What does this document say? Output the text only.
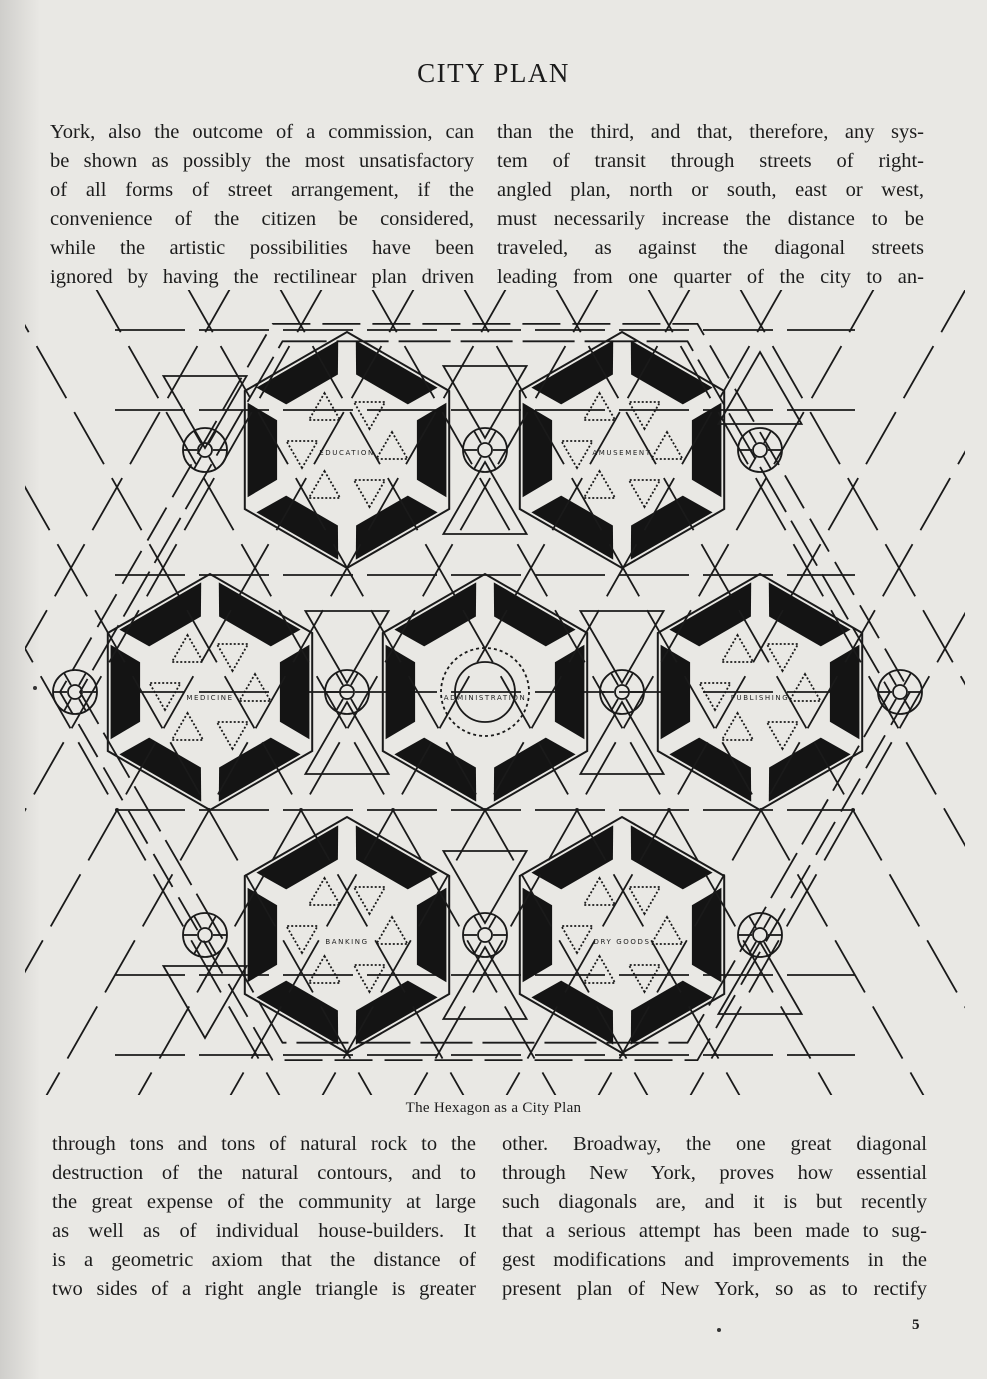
CITY PLAN
York, also the outcome of a commission, can
be shown as possibly the most unsatisfactory
of all forms of street arrangement, if the
convenience of the citizen be considered,
while the artistic possibilities have been
ignored by having the rectilinear plan driven
than the third, and that, therefore, any sys-
tem of transit through streets of right-
angled plan, north or south, east or west,
must necessarily increase the distance to be
traveled, as against the diagonal streets
leading from one quarter of the city to an-
EDUCATION	AMUSEMENT
MEDICINE	ADMINISTRATION	PUBLISHING
BANKING	DRY GOODS
The Hexagon as a City Plan
through tons and tons of natural rock to the
destruction of the natural contours, and to
the great expense of the community at large
as well as of individual house-builders. It
is a geometric axiom that the distance of
two sides of a right angle triangle is greater
other. Broadway, the one great diagonal
through New York, proves how essential
such diagonals are, and it is but recently
that a serious attempt has been made to sug-
gest modifications and improvements in the
present plan of New York, so as to rectify
5
